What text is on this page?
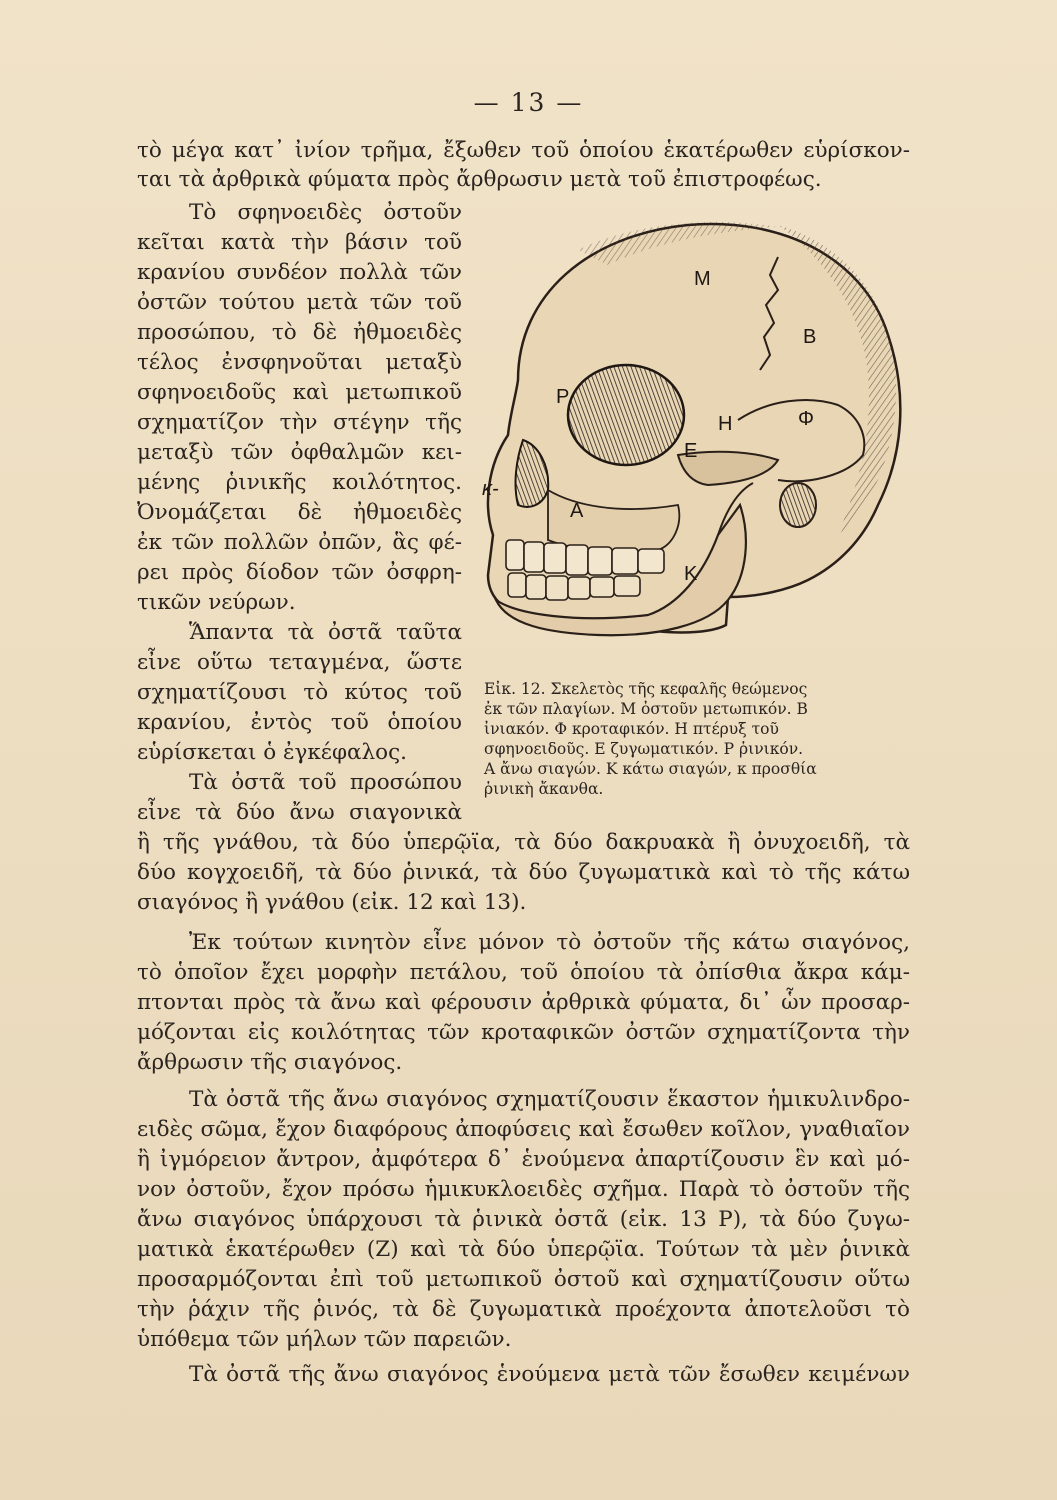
— 13 —
τὸ μέγα κατ᾿ ἰνίον τρῆμα, ἔξωθεν τοῦ ὁποίου ἑκατέρωθεν εὑρίσκον-
ται τὰ ἀρθρικὰ φύματα πρὸς ἄρθρωσιν μετὰ τοῦ ἐπιστροφέως.
Τὸ σφηνοειδὲς ὀστοῦν
κεῖται κατὰ τὴν βάσιν τοῦ
κρανίου συνδέον πολλὰ τῶν
ὀστῶν τούτου μετὰ τῶν τοῦ
προσώπου, τὸ δὲ ἠθμοειδὲς
τέλος ἐνσφηνοῦται μεταξὺ
σφηνοειδοῦς καὶ μετωπικοῦ
σχηματίζον τὴν στέγην τῆς
μεταξὺ τῶν ὀφθαλμῶν κει-
μένης ῥινικῆς κοιλότητος.
Ὀνομάζεται δὲ ἠθμοειδὲς
ἐκ τῶν πολλῶν ὀπῶν, ἃς φέ-
ρει πρὸς δίοδον τῶν ὀσφρη-
τικῶν νεύρων.
Ἅπαντα τὰ ὀστᾶ ταῦτα
εἶνε οὕτω τεταγμένα, ὥστε
σχηματίζουσι τὸ κύτος τοῦ
κρανίου, ἐντὸς τοῦ ὁποίου
εὑρίσκεται ὁ ἐγκέφαλος.
Τὰ ὀστᾶ τοῦ προσώπου
εἶνε τὰ δύο ἄνω σιαγονικὰ
M
B
Φ
H
E
P
A
K
κ-
Εἰκ. 12. Σκελετὸς τῆς κεφαλῆς θεώμενος
ἐκ τῶν πλαγίων. Μ ὀστοῦν μετωπικόν. Β
ἰνιακόν. Φ κροταφικόν. Η πτέρυξ τοῦ
σφηνοειδοῦς. Ε ζυγωματικόν. Ρ ῥινικόν.
Α ἄνω σιαγών. Κ κάτω σιαγών, κ προσθία
ῥινικὴ ἄκανθα.
ἢ τῆς γνάθου, τὰ δύο ὑπερῷϊα, τὰ δύο δακρυακὰ ἢ ὀνυχοειδῆ, τὰ
δύο κογχοειδῆ, τὰ δύο ῥινικά, τὰ δύο ζυγωματικὰ καὶ τὸ τῆς κάτω
σιαγόνος ἢ γνάθου (εἰκ. 12 καὶ 13).
Ἐκ τούτων κινητὸν εἶνε μόνον τὸ ὀστοῦν τῆς κάτω σιαγόνος,
τὸ ὁποῖον ἔχει μορφὴν πετάλου, τοῦ ὁποίου τὰ ὀπίσθια ἄκρα κάμ-
πτονται πρὸς τὰ ἄνω καὶ φέρουσιν ἀρθρικὰ φύματα, δι᾿ ὧν προσαρ-
μόζονται εἰς κοιλότητας τῶν κροταφικῶν ὀστῶν σχηματίζοντα τὴν
ἄρθρωσιν τῆς σιαγόνος.
Τὰ ὀστᾶ τῆς ἄνω σιαγόνος σχηματίζουσιν ἕκαστον ἡμικυλινδρο-
ειδὲς σῶμα, ἔχον διαφόρους ἀποφύσεις καὶ ἔσωθεν κοῖλον, γναθιαῖον
ἢ ἰγμόρειον ἄντρον, ἀμφότερα δ᾿ ἑνούμενα ἀπαρτίζουσιν ἓν καὶ μό-
νον ὀστοῦν, ἔχον πρόσω ἡμικυκλοειδὲς σχῆμα. Παρὰ τὸ ὀστοῦν τῆς
ἄνω σιαγόνος ὑπάρχουσι τὰ ῥινικὰ ὀστᾶ (εἰκ. 13 Ρ), τὰ δύο ζυγω-
ματικὰ ἑκατέρωθεν (Ζ) καὶ τὰ δύο ὑπερῷϊα. Τούτων τὰ μὲν ῥινικὰ
προσαρμόζονται ἐπὶ τοῦ μετωπικοῦ ὀστοῦ καὶ σχηματίζουσιν οὕτω
τὴν ῥάχιν τῆς ῥινός, τὰ δὲ ζυγωματικὰ προέχοντα ἀποτελοῦσι τὸ
ὑπόθεμα τῶν μήλων τῶν παρειῶν.
Τὰ ὀστᾶ τῆς ἄνω σιαγόνος ἑνούμενα μετὰ τῶν ἔσωθεν κειμένων
